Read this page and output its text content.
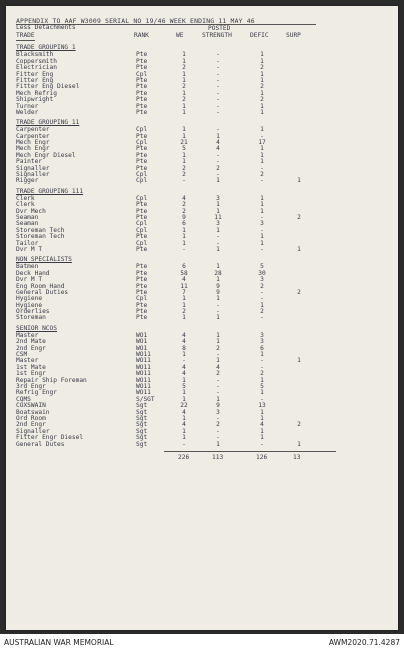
APPENDIX TO AAF W3009 SERIAL NO 19/46 WEEK ENDING 11 MAY 46
Less Detachments
TRADE	RANK	WE
POSTED
STRENGTH	DEFIC	SURP
TRADE GROUPING 1
Blacksmith	Pte	1	-	1
Coppersmith	Pte	1	-	1
Electrician	Pte	2	-	2
Fitter Eng	Cpl	1	-	1
Fitter Eng	Pte	1	-	1
Fitter Eng Diesel	Pte	2	-	2
Mech Refrig	Pte	1	-	1
Shipwright	Pte	2	-	2
Turner	Pte	1	-	1
Welder	Pte	1	-	1
TRADE GROUPING 11
Carpenter	Cpl	1	-	1
Carpenter	Pte	1	1	-
Mech Engr	Cpl	21	4	17
Mech Engr	Pte	5	4	1
Mech Engr Diesel	Pte	1	-	1
Painter	Pte	1	-	1
Signaller	Pte	2	2	-
Signaller	Cpl	2	-	2
Rigger	Cpl	-	1	-	1
TRADE GROUPING 111
Clerk	Cpl	4	3	1
Clerk	Pte	2	1	1
Dvr Mech	Pte	2	1	1
Seaman	Pte	9	11	-	2
Seaman	Cpl	6	3	3
Storeman Tech	Cpl	1	1	-
Storeman Tech	Pte	1	-	1
Tailor	Cpl	1	-	1
Dvr M T	Pte	-	1	-	1
NON SPECIALISTS
Batmen	Pte	6	1	5
Deck Hand	Pte	58	28	30
Dvr M T	Pte	4	1	3
Eng Room Hand	Pte	11	9	2
General Duties	Pte	7	9	-	2
Hygiene	Cpl	1	1	-
Hygiene	Pte	1	-	1
Orderlies	Pte	2	-	2
Storeman	Pte	1	1	-
SENIOR NCOS
Master	WO1	4	1	3
2nd Mate	WO1	4	1	3
2nd Engr	WO1	8	2	6
CSM	WO11	1	-	1
Master	WO11	-	1	-	1
1st Mate	WO11	4	4	-
1st Engr	WO11	4	2	2
Repair Ship Foreman	WO11	1	-	1
3rd Engr	WO11	5	-	5
Refrig Engr	WO11	1	-	1
CQMS	S/SGT	1	1	-
COXSWAIN	Sgt	22	9	13
Boatswain	Sgt	4	3	1
Ord Room	Sgt	1	-	1
2nd Engr	Sgt	4	2	4	2
Signaller	Sgt	1	-	1
Fitter Engr Diesel	Sgt	1	-	1
General Dutes	Sgt	-	1	-	1
226	113	126	13
AUSTRALIAN WAR MEMORIAL	AWM2020.71.4287
